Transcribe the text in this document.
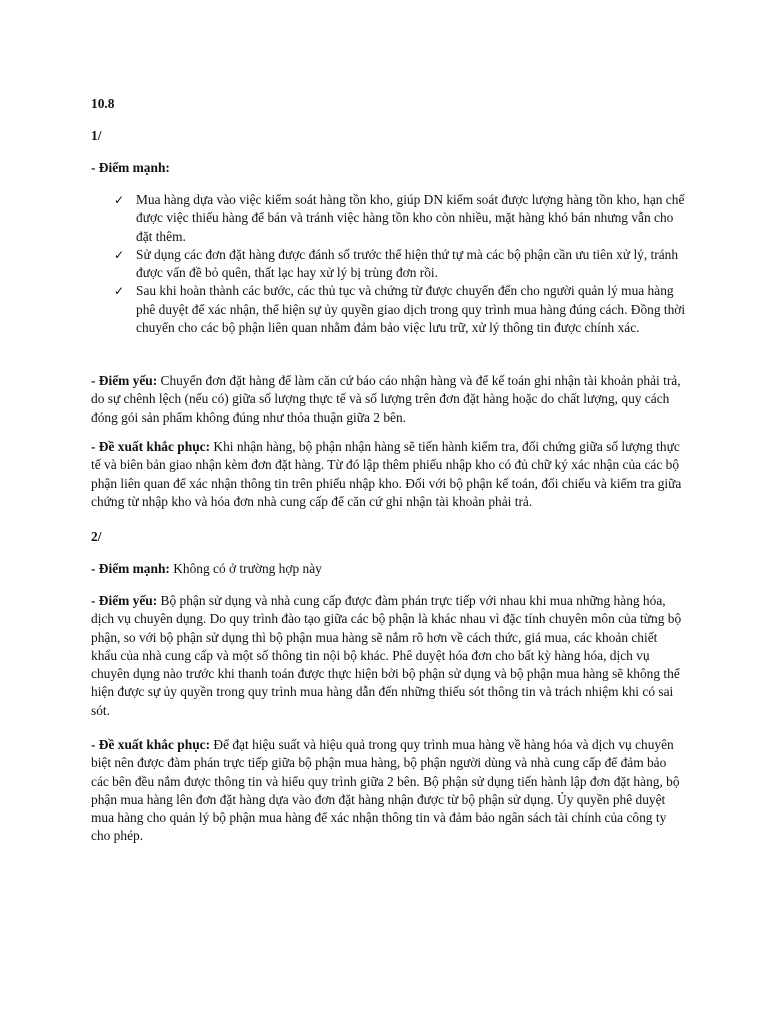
10.8

1/

- Điểm mạnh:

✓ Mua hàng dựa vào việc kiểm soát hàng tồn kho, giúp DN kiểm soát được lượng hàng tồn kho, hạn chế được việc thiếu hàng để bán và tránh việc hàng tồn kho còn nhiều, mặt hàng khó bán nhưng vẫn cho đặt thêm.
✓ Sử dụng các đơn đặt hàng được đánh số trước thể hiện thứ tự mà các bộ phận cần ưu tiên xử lý, tránh được vấn đề bỏ quên, thất lạc hay xử lý bị trùng đơn rồi.
✓ Sau khi hoàn thành các bước, các thủ tục và chứng từ được chuyển đến cho người quản lý mua hàng phê duyệt để xác nhận, thể hiện sự ủy quyền giao dịch trong quy trình mua hàng đúng cách. Đồng thời chuyển cho các bộ phận liên quan nhằm đảm bảo việc lưu trữ, xử lý thông tin được chính xác.

- Điểm yếu: Chuyển đơn đặt hàng để làm căn cứ báo cáo nhận hàng và để kế toán ghi nhận tài khoản phải trả, do sự chênh lệch (nếu có) giữa số lượng thực tế và số lượng trên đơn đặt hàng hoặc do chất lượng, quy cách đóng gói sản phẩm không đúng như thỏa thuận giữa 2 bên.

- Đề xuất khắc phục: Khi nhận hàng, bộ phận nhận hàng sẽ tiến hành kiểm tra, đối chứng giữa số lượng thực tế và biên bản giao nhận kèm đơn đặt hàng. Từ đó lập thêm phiếu nhập kho có đủ chữ ký xác nhận của các bộ phận liên quan để xác nhận thông tin trên phiếu nhập kho. Đối với bộ phận kế toán, đối chiếu và kiểm tra giữa chứng từ nhập kho và hóa đơn nhà cung cấp để căn cứ ghi nhận tài khoản phải trả.

2/

- Điểm mạnh: Không có ở trường hợp này

- Điểm yếu: Bộ phận sử dụng và nhà cung cấp được đàm phán trực tiếp với nhau khi mua những hàng hóa, dịch vụ chuyên dụng. Do quy trình đào tạo giữa các bộ phận là khác nhau vì đặc tính chuyên môn của từng bộ phận, so với bộ phận sử dụng thì bộ phận mua hàng sẽ nắm rõ hơn về cách thức, giá mua, các khoản chiết khấu của nhà cung cấp và một số thông tin nội bộ khác. Phê duyệt hóa đơn cho bất kỳ hàng hóa, dịch vụ chuyên dụng nào trước khi thanh toán được thực hiện bởi bộ phận sử dụng và bộ phận mua hàng sẽ không thể hiện được sự ủy quyền trong quy trình mua hàng dẫn đến những thiếu sót thông tin và trách nhiệm khi có sai sót.

- Đề xuất khắc phục: Để đạt hiệu suất và hiệu quả trong quy trình mua hàng về hàng hóa và dịch vụ chuyên biệt nên được đàm phán trực tiếp giữa bộ phận mua hàng, bộ phận người dùng và nhà cung cấp để đảm bảo các bên đều nắm được thông tin và hiểu quy trình giữa 2 bên. Bộ phận sử dụng tiến hành lập đơn đặt hàng, bộ phận mua hàng lên đơn đặt hàng dựa vào đơn đặt hàng nhận được từ bộ phận sử dụng. Ủy quyền phê duyệt mua hàng cho quản lý bộ phận mua hàng để xác nhận thông tin và đảm bảo ngân sách tài chính của công ty cho phép.
